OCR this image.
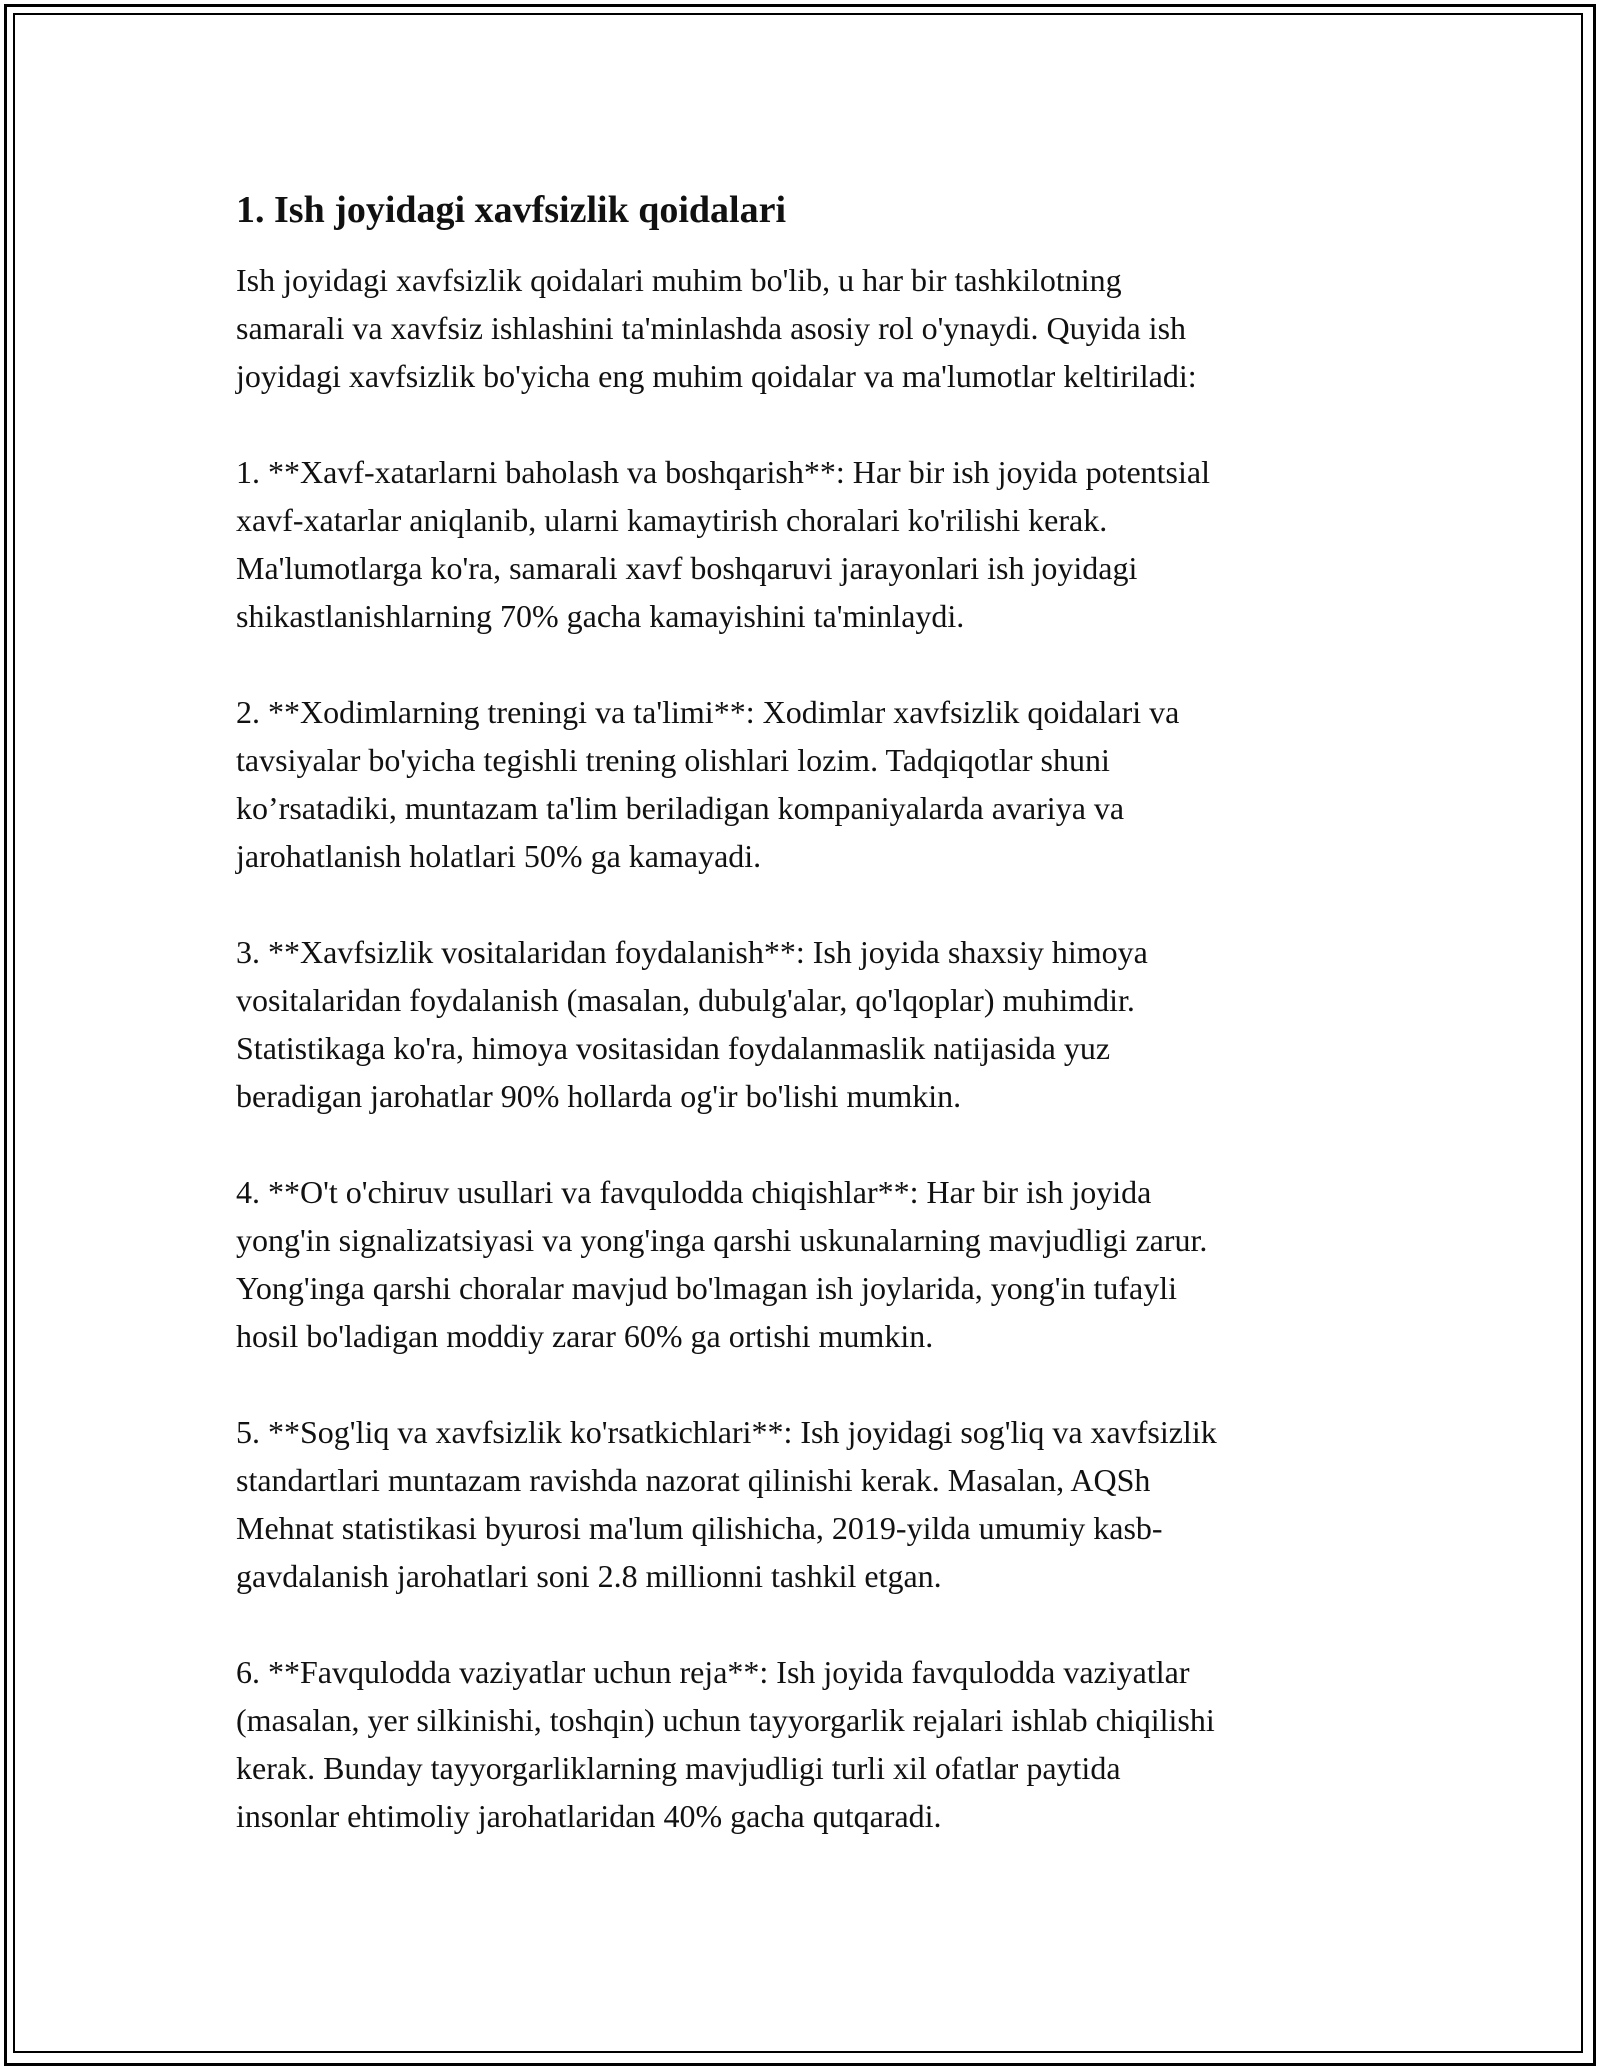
1. Ish joyidagi xavfsizlik qoidalari

Ish joyidagi xavfsizlik qoidalari muhim bo'lib, u har bir tashkilotning
samarali va xavfsiz ishlashini ta'minlashda asosiy rol o'ynaydi. Quyida ish
joyidagi xavfsizlik bo'yicha eng muhim qoidalar va ma'lumotlar keltiriladi:

1. **Xavf-xatarlarni baholash va boshqarish**: Har bir ish joyida potentsial
xavf-xatarlar aniqlanib, ularni kamaytirish choralari ko'rilishi kerak.
Ma'lumotlarga ko'ra, samarali xavf boshqaruvi jarayonlari ish joyidagi
shikastlanishlarning 70% gacha kamayishini ta'minlaydi.

2. **Xodimlarning treningi va ta'limi**: Xodimlar xavfsizlik qoidalari va
tavsiyalar bo'yicha tegishli trening olishlari lozim. Tadqiqotlar shuni
ko’rsatadiki, muntazam ta'lim beriladigan kompaniyalarda avariya va
jarohatlanish holatlari 50% ga kamayadi.

3. **Xavfsizlik vositalaridan foydalanish**: Ish joyida shaxsiy himoya
vositalaridan foydalanish (masalan, dubulg'alar, qo'lqoplar) muhimdir.
Statistikaga ko'ra, himoya vositasidan foydalanmaslik natijasida yuz
beradigan jarohatlar 90% hollarda og'ir bo'lishi mumkin.

4. **O't o'chiruv usullari va favqulodda chiqishlar**: Har bir ish joyida
yong'in signalizatsiyasi va yong'inga qarshi uskunalarning mavjudligi zarur.
Yong'inga qarshi choralar mavjud bo'lmagan ish joylarida, yong'in tufayli
hosil bo'ladigan moddiy zarar 60% ga ortishi mumkin.

5. **Sog'liq va xavfsizlik ko'rsatkichlari**: Ish joyidagi sog'liq va xavfsizlik
standartlari muntazam ravishda nazorat qilinishi kerak. Masalan, AQSh
Mehnat statistikasi byurosi ma'lum qilishicha, 2019-yilda umumiy kasb-
gavdalanish jarohatlari soni 2.8 millionni tashkil etgan.

6. **Favqulodda vaziyatlar uchun reja**: Ish joyida favqulodda vaziyatlar
(masalan, yer silkinishi, toshqin) uchun tayyorgarlik rejalari ishlab chiqilishi
kerak. Bunday tayyorgarliklarning mavjudligi turli xil ofatlar paytida
insonlar ehtimoliy jarohatlaridan 40% gacha qutqaradi.
